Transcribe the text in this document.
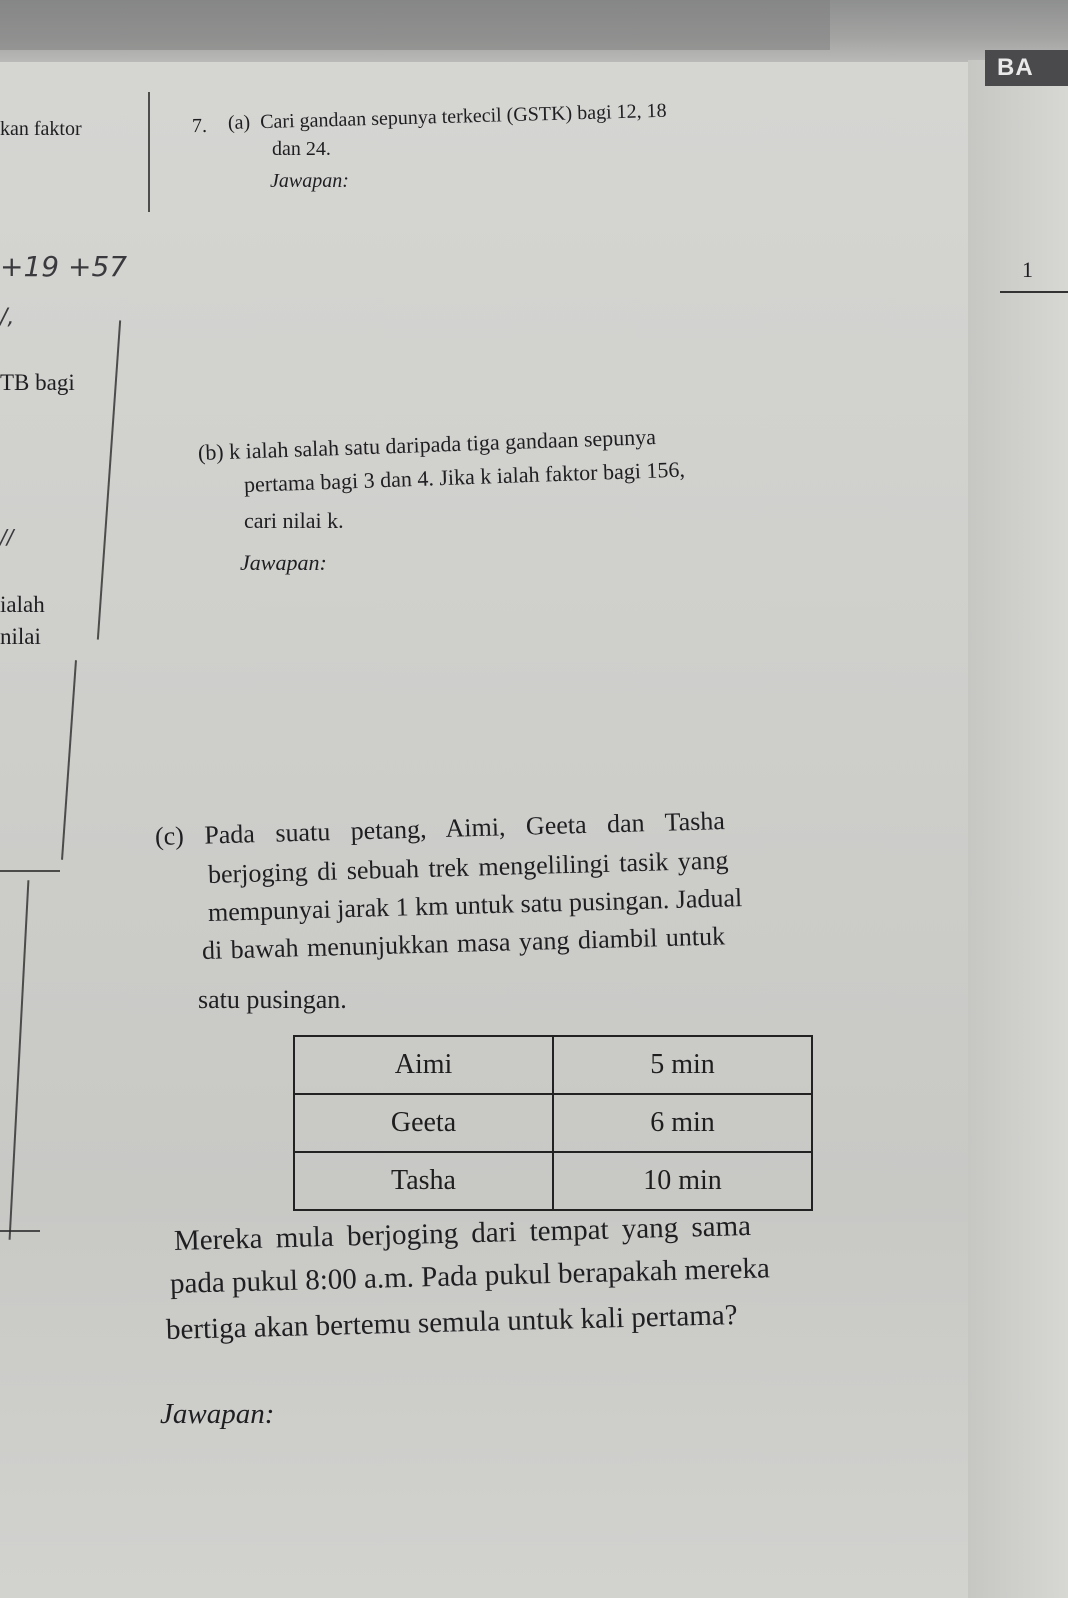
BA
1
kan faktor
+19 +57
/,
TB bagi
//
ialah
nilai
7. (a) Cari gandaan sepunya terkecil (GSTK) bagi 12, 18
dan 24.
Jawapan:
(b) k ialah salah satu daripada tiga gandaan sepunya
pertama bagi 3 dan 4. Jika k ialah faktor bagi 156,
cari nilai k.
Jawapan:
(c) Pada suatu petang, Aimi, Geeta dan Tasha
berjoging di sebuah trek mengelilingi tasik yang
mempunyai jarak 1 km untuk satu pusingan. Jadual
di bawah menunjukkan masa yang diambil untuk
satu pusingan.
Aimi	5 min
Geeta	6 min
Tasha	10 min
Mereka mula berjoging dari tempat yang sama
pada pukul 8:00 a.m. Pada pukul berapakah mereka
bertiga akan bertemu semula untuk kali pertama?
Jawapan:
